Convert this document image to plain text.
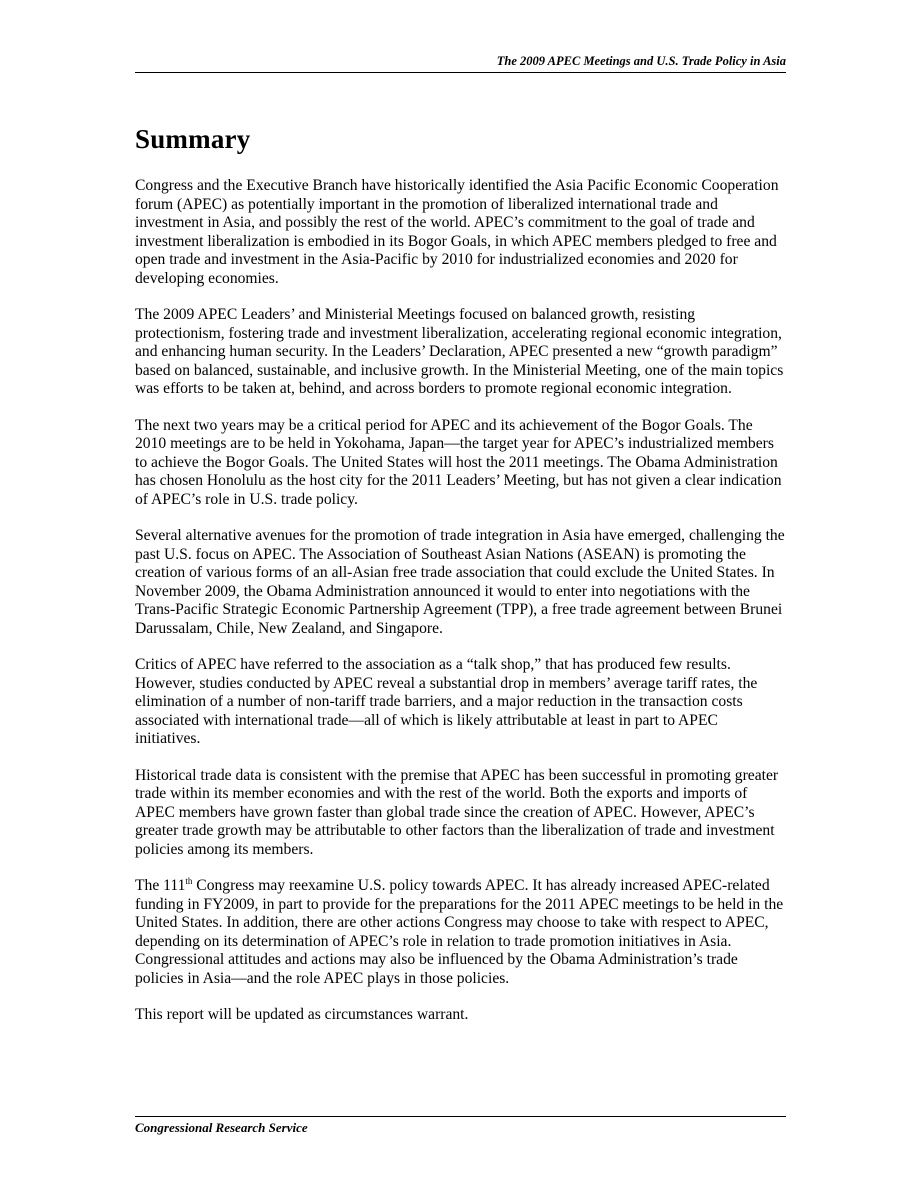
The 2009 APEC Meetings and U.S. Trade Policy in Asia
Summary

Congress and the Executive Branch have historically identified the Asia Pacific Economic Cooperation forum (APEC) as potentially important in the promotion of liberalized international trade and investment in Asia, and possibly the rest of the world. APEC’s commitment to the goal of trade and investment liberalization is embodied in its Bogor Goals, in which APEC members pledged to free and open trade and investment in the Asia-Pacific by 2010 for industrialized economies and 2020 for developing economies.

The 2009 APEC Leaders’ and Ministerial Meetings focused on balanced growth, resisting protectionism, fostering trade and investment liberalization, accelerating regional economic integration, and enhancing human security. In the Leaders’ Declaration, APEC presented a new “growth paradigm” based on balanced, sustainable, and inclusive growth. In the Ministerial Meeting, one of the main topics was efforts to be taken at, behind, and across borders to promote regional economic integration.

The next two years may be a critical period for APEC and its achievement of the Bogor Goals. The 2010 meetings are to be held in Yokohama, Japan—the target year for APEC’s industrialized members to achieve the Bogor Goals. The United States will host the 2011 meetings. The Obama Administration has chosen Honolulu as the host city for the 2011 Leaders’ Meeting, but has not given a clear indication of APEC’s role in U.S. trade policy.

Several alternative avenues for the promotion of trade integration in Asia have emerged, challenging the past U.S. focus on APEC. The Association of Southeast Asian Nations (ASEAN) is promoting the creation of various forms of an all-Asian free trade association that could exclude the United States. In November 2009, the Obama Administration announced it would to enter into negotiations with the Trans-Pacific Strategic Economic Partnership Agreement (TPP), a free trade agreement between Brunei Darussalam, Chile, New Zealand, and Singapore.

Critics of APEC have referred to the association as a “talk shop,” that has produced few results. However, studies conducted by APEC reveal a substantial drop in members’ average tariff rates, the elimination of a number of non-tariff trade barriers, and a major reduction in the transaction costs associated with international trade—all of which is likely attributable at least in part to APEC initiatives.

Historical trade data is consistent with the premise that APEC has been successful in promoting greater trade within its member economies and with the rest of the world. Both the exports and imports of APEC members have grown faster than global trade since the creation of APEC. However, APEC’s greater trade growth may be attributable to other factors than the liberalization of trade and investment policies among its members.

The 111th Congress may reexamine U.S. policy towards APEC. It has already increased APEC-related funding in FY2009, in part to provide for the preparations for the 2011 APEC meetings to be held in the United States. In addition, there are other actions Congress may choose to take with respect to APEC, depending on its determination of APEC’s role in relation to trade promotion initiatives in Asia. Congressional attitudes and actions may also be influenced by the Obama Administration’s trade policies in Asia—and the role APEC plays in those policies.

This report will be updated as circumstances warrant.

Congressional Research Service
